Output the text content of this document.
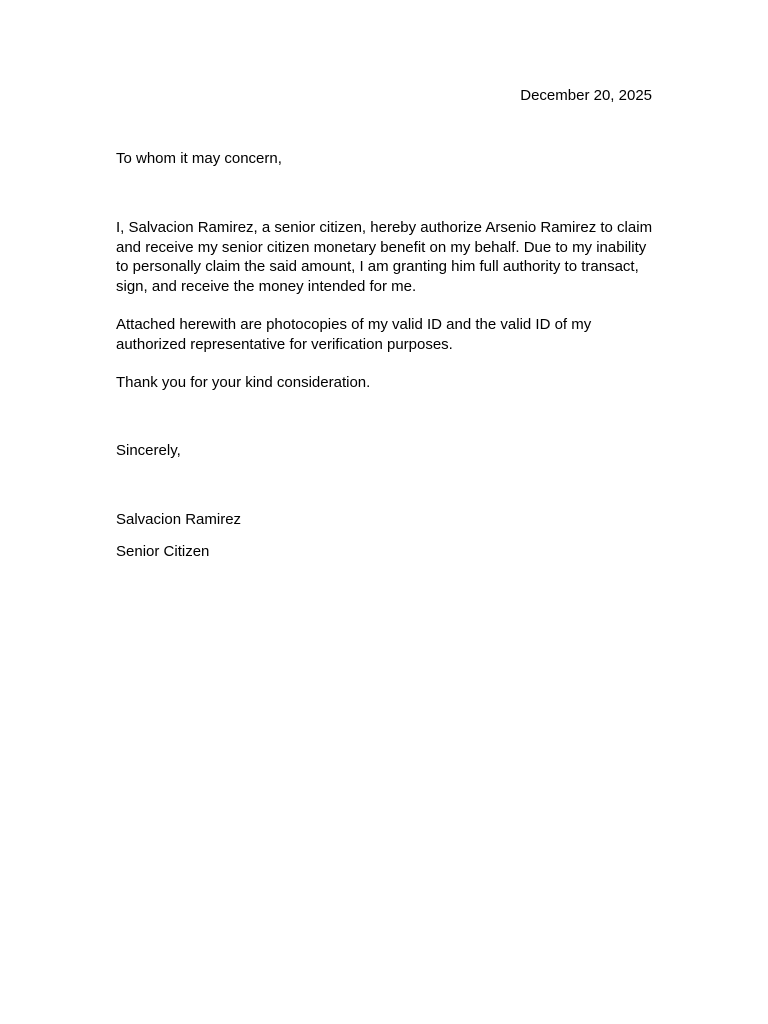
December 20, 2025
To whom it may concern,

I, Salvacion Ramirez, a senior citizen, hereby authorize Arsenio Ramirez to claim and receive my senior citizen monetary benefit on my behalf. Due to my inability to personally claim the said amount, I am granting him full authority to transact, sign, and receive the money intended for me.

Attached herewith are photocopies of my valid ID and the valid ID of my authorized representative for verification purposes.

Thank you for your kind consideration.

Sincerely,
Salvacion Ramirez
Senior Citizen
